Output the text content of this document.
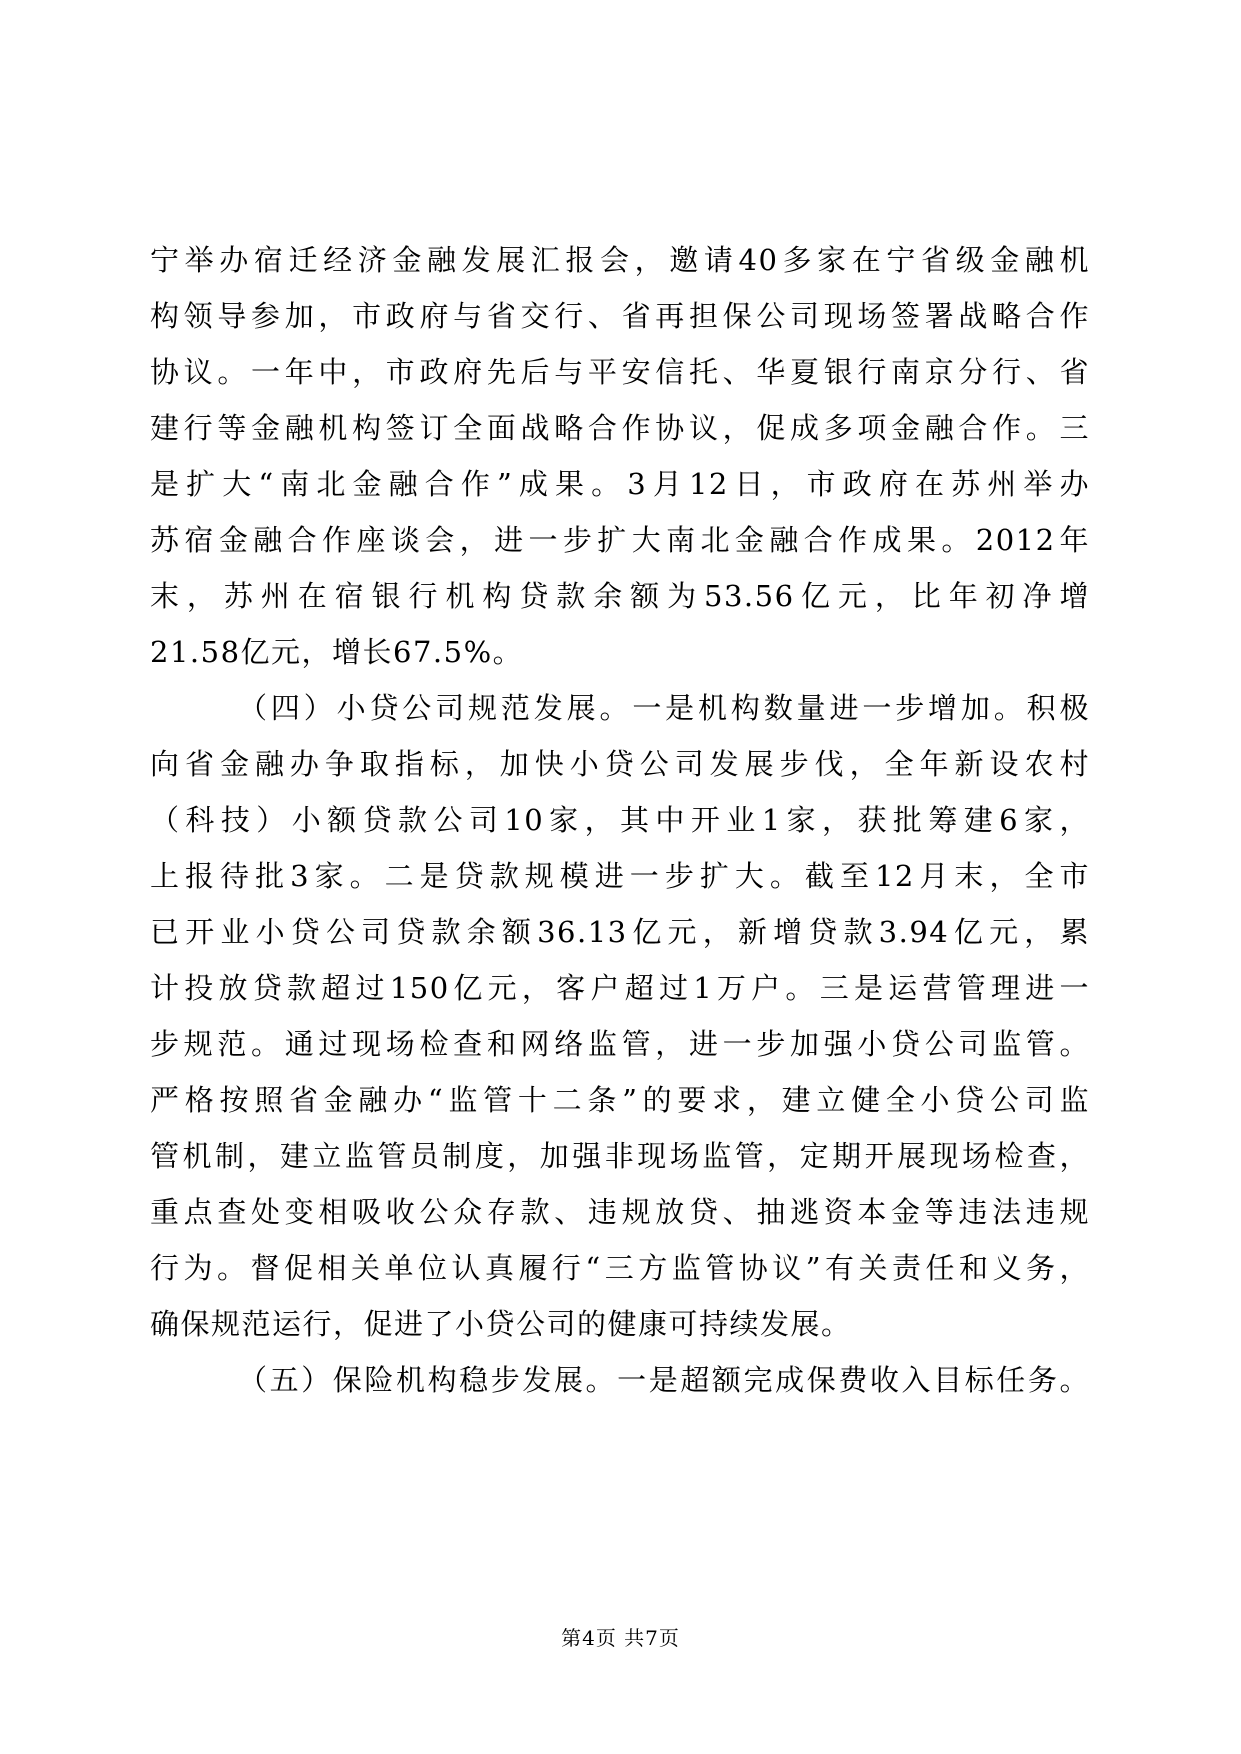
宁举办宿迁经济金融发展汇报会，邀请40多家在宁省级金融机
构领导参加，市政府与省交行、省再担保公司现场签署战略合作
协议。一年中，市政府先后与平安信托、华夏银行南京分行、省
建行等金融机构签订全面战略合作协议，促成多项金融合作。三
是扩大“南北金融合作”成果。3月12日，市政府在苏州举办
苏宿金融合作座谈会，进一步扩大南北金融合作成果。2012年
末，苏州在宿银行机构贷款余额为53.56亿元，比年初净增
21.58亿元，增长67.5%。
（四）小贷公司规范发展。一是机构数量进一步增加。积极
向省金融办争取指标，加快小贷公司发展步伐，全年新设农村
（科技）小额贷款公司10家，其中开业1家，获批筹建6家，
上报待批3家。二是贷款规模进一步扩大。截至12月末，全市
已开业小贷公司贷款余额36.13亿元，新增贷款3.94亿元，累
计投放贷款超过150亿元，客户超过1万户。三是运营管理进一
步规范。通过现场检查和网络监管，进一步加强小贷公司监管。
严格按照省金融办“监管十二条”的要求，建立健全小贷公司监
管机制，建立监管员制度，加强非现场监管，定期开展现场检查，
重点查处变相吸收公众存款、违规放贷、抽逃资本金等违法违规
行为。督促相关单位认真履行“三方监管协议”有关责任和义务，
确保规范运行，促进了小贷公司的健康可持续发展。
（五）保险机构稳步发展。一是超额完成保费收入目标任务。
第4页 共7页
